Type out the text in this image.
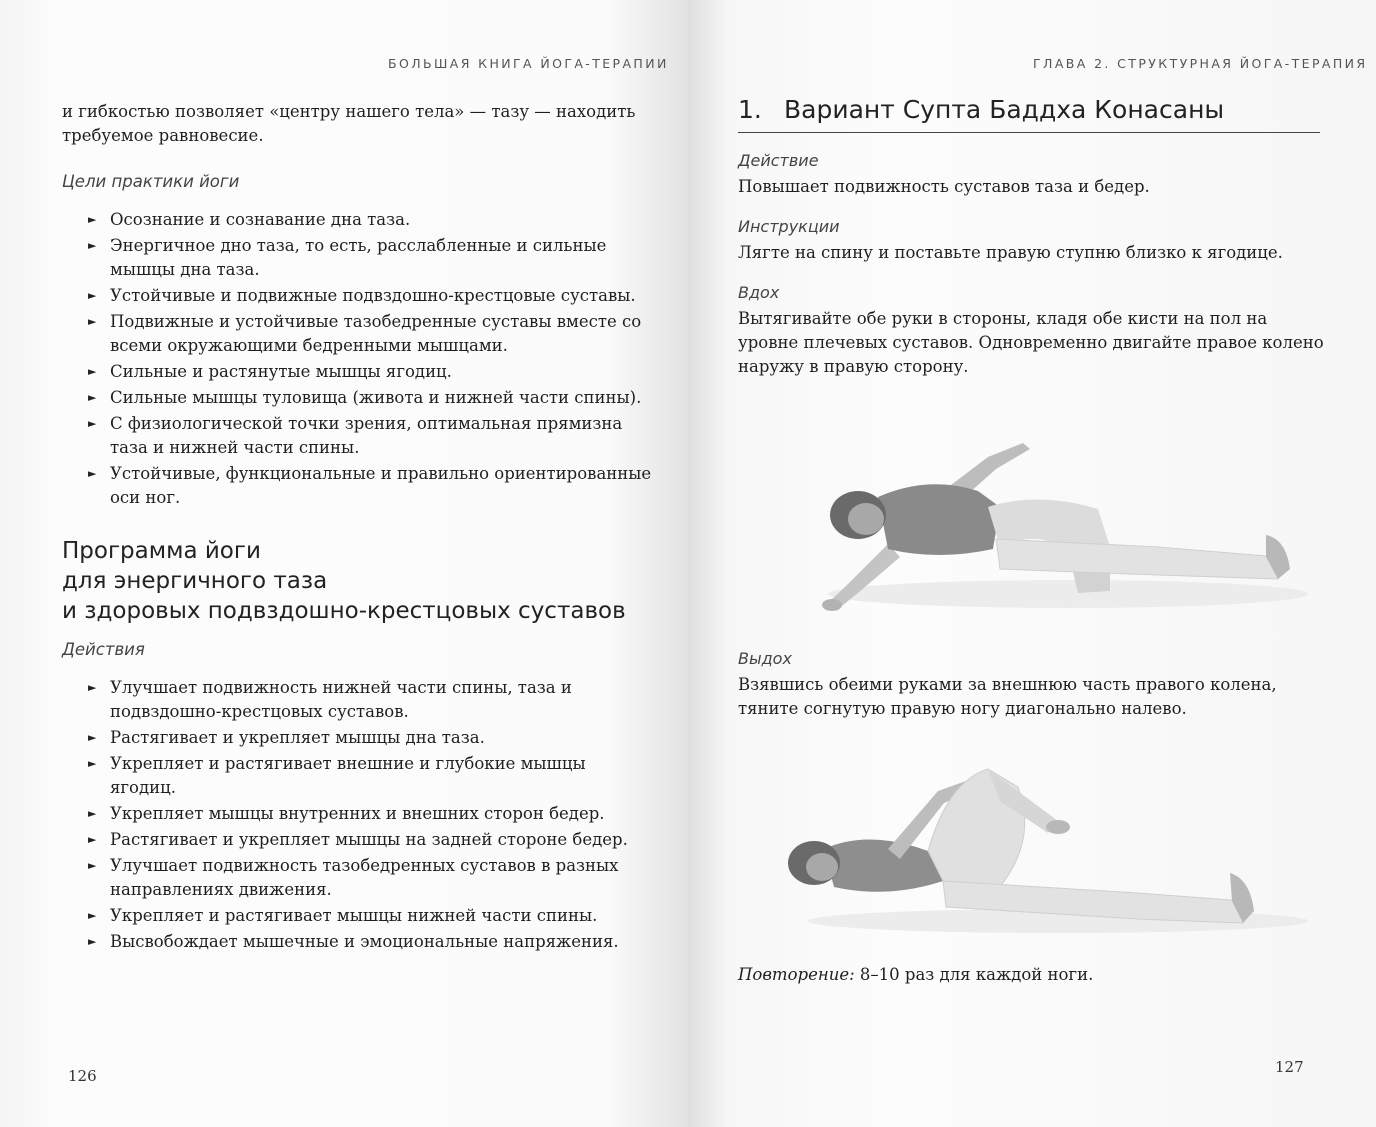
БОЛЬШАЯ КНИГА ЙОГА-ТЕРАПИИ

и гибкостью позволяет «центру нашего тела» — тазу — находить требуемое равновесие.

Цели практики йоги
► Осознание и сознавание дна таза.
► Энергичное дно таза, то есть, расслабленные и сильные мышцы дна таза.
► Устойчивые и подвижные подвздошно-крестцовые суставы.
► Подвижные и устойчивые тазобедренные суставы вместе со всеми окружающими бедренными мышцами.
► Сильные и растянутые мышцы ягодиц.
► Сильные мышцы туловища (живота и нижней части спины).
► С физиологической точки зрения, оптимальная прямизна таза и нижней части спины.
► Устойчивые, функциональные и правильно ориентированные оси ног.
Программа йоги
для энергичного таза
и здоровых подвздошно-крестцовых суставов
Действия
► Улучшает подвижность нижней части спины, таза и подвздошно-крестцовых суставов.
► Растягивает и укрепляет мышцы дна таза.
► Укрепляет и растягивает внешние и глубокие мышцы ягодиц.
► Укрепляет мышцы внутренних и внешних сторон бедер.
► Растягивает и укрепляет мышцы на задней стороне бедер.
► Улучшает подвижность тазобедренных суставов в разных направлениях движения.
► Укрепляет и растягивает мышцы нижней части спины.
► Высвобождает мышечные и эмоциональные напряжения.
126
ГЛАВА 2. СТРУКТУРНАЯ ЙОГА-ТЕРАПИЯ
1. Вариант Супта Баддха Конасаны
Действие

Повышает подвижность суставов таза и бедер.

Инструкции

Лягте на спину и поставьте правую ступню близко к ягодице.

Вдох

Вытягивайте обе руки в стороны, кладя обе кисти на пол на уровне плечевых суставов. Одновременно двигайте правое колено наружу в правую сторону.

Выдох

Взявшись обеими руками за внешнюю часть правого колена, тяните согнутую правую ногу диагонально налево.

Повторение: 8–10 раз для каждой ноги.

127
